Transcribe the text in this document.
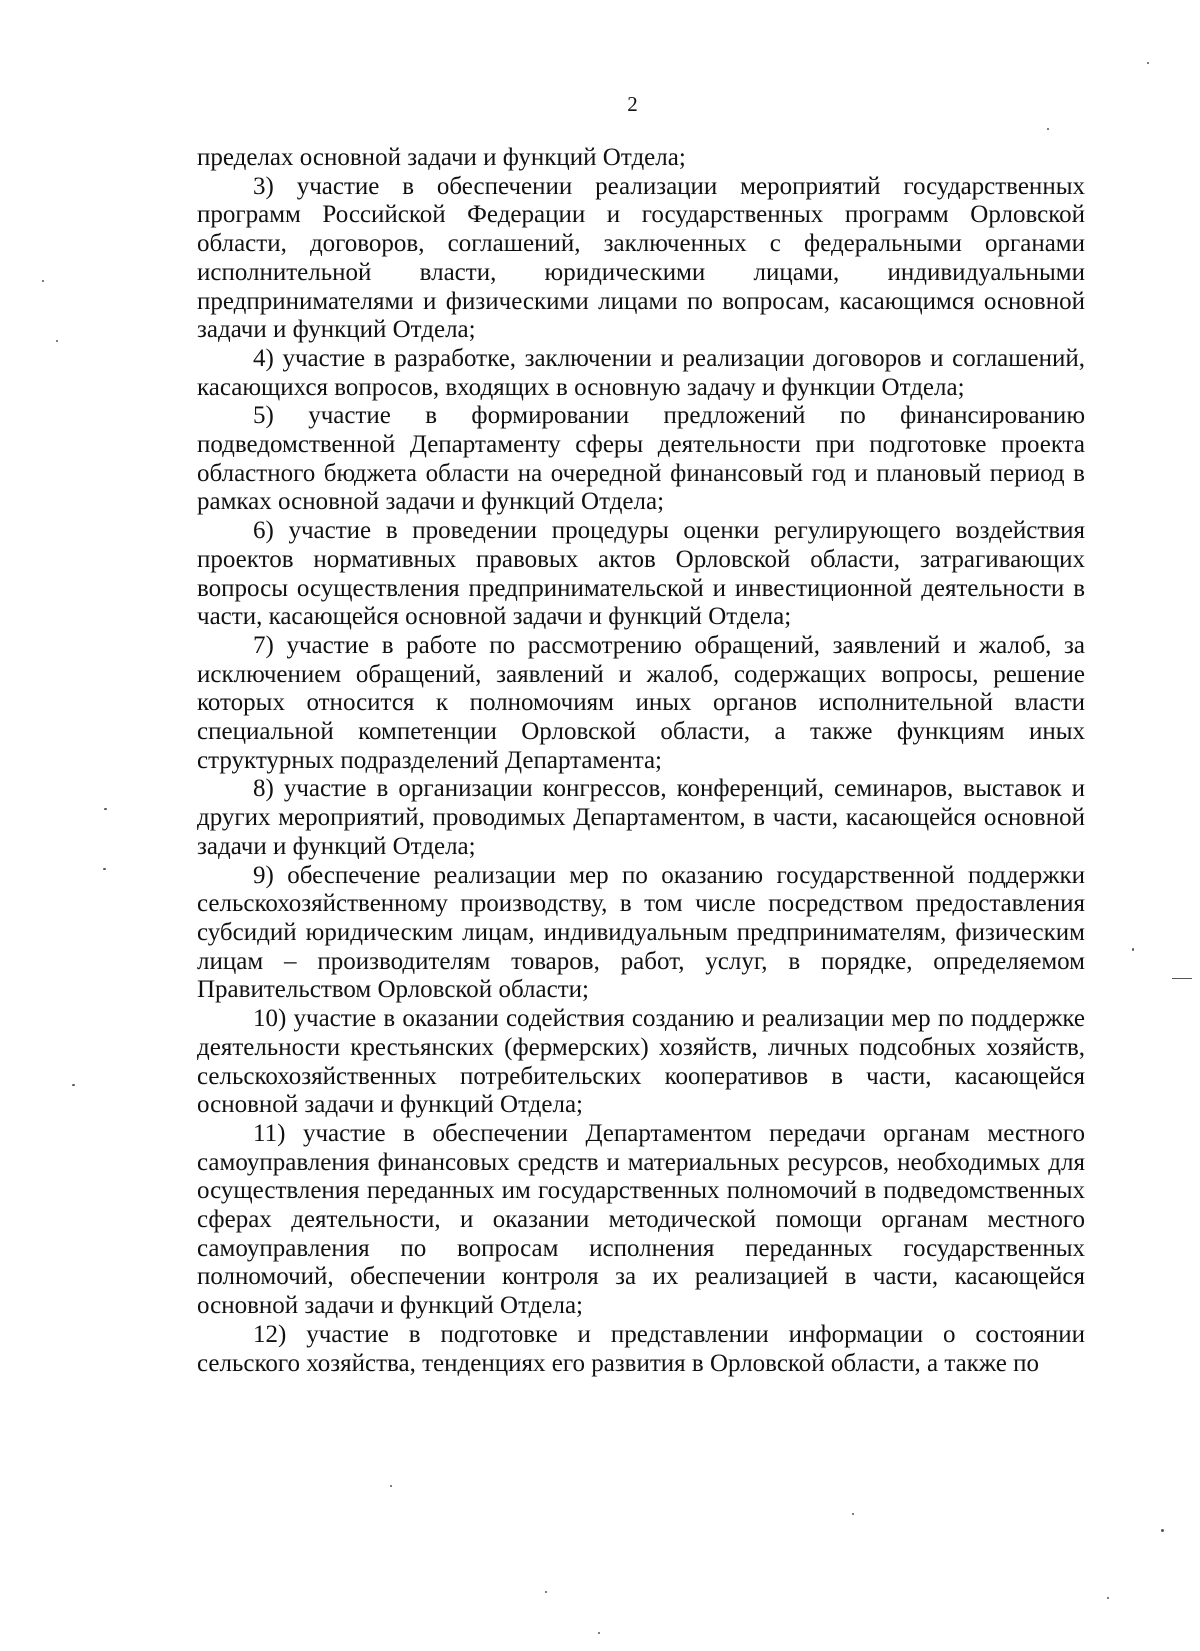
2

пределах основной задачи и функций Отдела;

3) участие в обеспечении реализации мероприятий государственных программ Российской Федерации и государственных программ Орловской области, договоров, соглашений, заключенных с федеральными органами исполнительной власти, юридическими лицами, индивидуальными предпринимателями и физическими лицами по вопросам, касающимся основной задачи и функций Отдела;

4) участие в разработке, заключении и реализации договоров и соглашений, касающихся вопросов, входящих в основную задачу и функции Отдела;

5) участие в формировании предложений по финансированию подведомственной Департаменту сферы деятельности при подготовке проекта областного бюджета области на очередной финансовый год и плановый период в рамках основной задачи и функций Отдела;

6) участие в проведении процедуры оценки регулирующего воздействия проектов нормативных правовых актов Орловской области, затрагивающих вопросы осуществления предпринимательской и инвестиционной деятельности в части, касающейся основной задачи и функций Отдела;

7) участие в работе по рассмотрению обращений, заявлений и жалоб, за исключением обращений, заявлений и жалоб, содержащих вопросы, решение которых относится к полномочиям иных органов исполнительной власти специальной компетенции Орловской области, а также функциям иных структурных подразделений Департамента;

8) участие в организации конгрессов, конференций, семинаров, выставок и других мероприятий, проводимых Департаментом, в части, касающейся основной задачи и функций Отдела;

9) обеспечение реализации мер по оказанию государственной поддержки сельскохозяйственному производству, в том числе посредством предоставления субсидий юридическим лицам, индивидуальным предпринимателям, физическим лицам – производителям товаров, работ, услуг, в порядке, определяемом Правительством Орловской области;

10) участие в оказании содействия созданию и реализации мер по поддержке деятельности крестьянских (фермерских) хозяйств, личных подсобных хозяйств, сельскохозяйственных потребительских кооперативов в части, касающейся основной задачи и функций Отдела;

11) участие в обеспечении Департаментом передачи органам местного самоуправления финансовых средств и материальных ресурсов, необходимых для осуществления переданных им государственных полномочий в подведомственных сферах деятельности, и оказании методической помощи органам местного самоуправления по вопросам исполнения переданных государственных полномочий, обеспечении контроля за их реализацией в части, касающейся основной задачи и функций Отдела;

12) участие в подготовке и представлении информации о состоянии сельского хозяйства, тенденциях его развития в Орловской области, а также по
